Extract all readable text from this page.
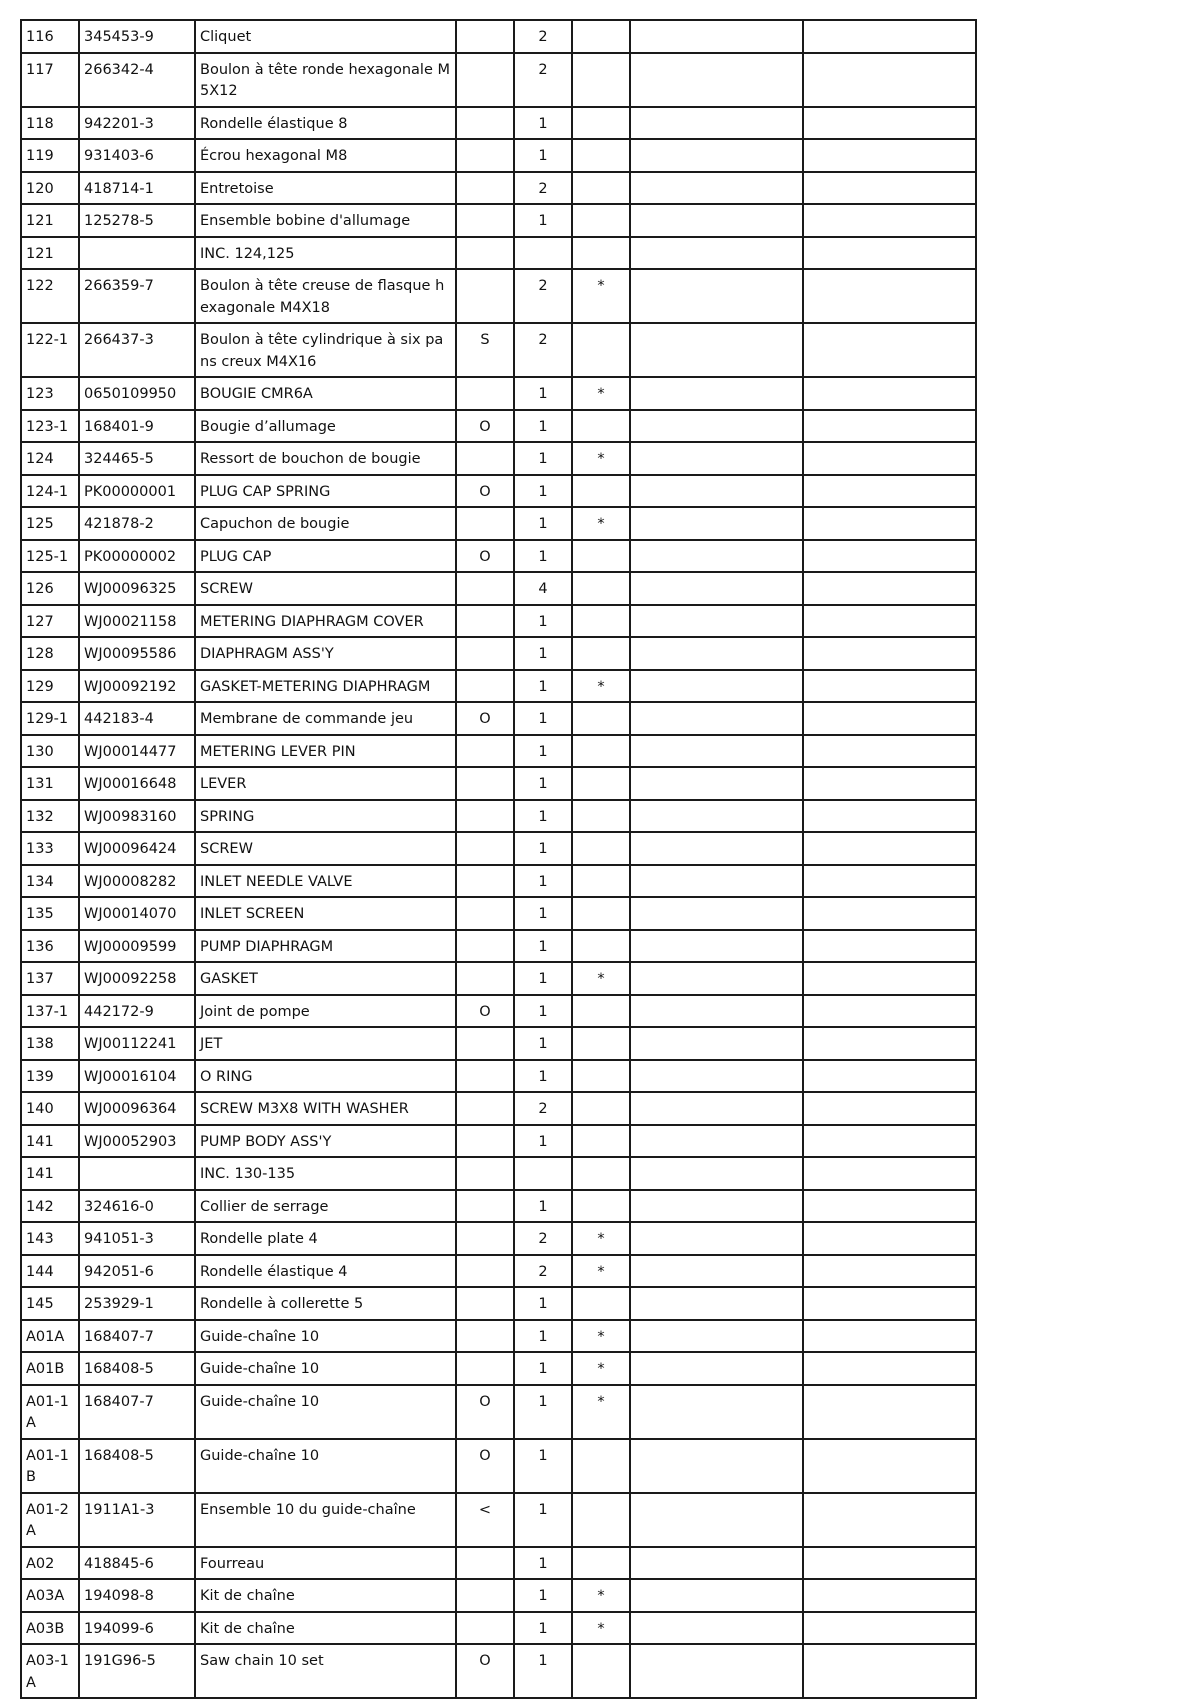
116	345453-9	Cliquet		2			
117	266342-4	Boulon à tête ronde hexagonale M5X12		2			
118	942201-3	Rondelle élastique 8		1			
119	931403-6	Écrou hexagonal M8		1			
120	418714-1	Entretoise		2			
121	125278-5	Ensemble bobine d'allumage		1			
121		INC. 124,125					
122	266359-7	Boulon à tête creuse de flasque hexagonale M4X18		2	*		
122-1	266437-3	Boulon à tête cylindrique à six pans creux M4X16	S	2			
123	0650109950	BOUGIE CMR6A		1	*		
123-1	168401-9	Bougie d’allumage	O	1			
124	324465-5	Ressort de bouchon de bougie		1	*		
124-1	PK00000001	PLUG CAP SPRING	O	1			
125	421878-2	Capuchon de bougie		1	*		
125-1	PK00000002	PLUG CAP	O	1			
126	WJ00096325	SCREW		4			
127	WJ00021158	METERING DIAPHRAGM COVER		1			
128	WJ00095586	DIAPHRAGM ASS'Y		1			
129	WJ00092192	GASKET-METERING DIAPHRAGM		1	*		
129-1	442183-4	Membrane de commande jeu	O	1			
130	WJ00014477	METERING LEVER PIN		1			
131	WJ00016648	LEVER		1			
132	WJ00983160	SPRING		1			
133	WJ00096424	SCREW		1			
134	WJ00008282	INLET NEEDLE VALVE		1			
135	WJ00014070	INLET SCREEN		1			
136	WJ00009599	PUMP DIAPHRAGM		1			
137	WJ00092258	GASKET		1	*		
137-1	442172-9	Joint de pompe	O	1			
138	WJ00112241	JET		1			
139	WJ00016104	O RING		1			
140	WJ00096364	SCREW M3X8 WITH WASHER		2			
141	WJ00052903	PUMP BODY ASS'Y		1			
141		INC. 130-135					
142	324616-0	Collier de serrage		1			
143	941051-3	Rondelle plate 4		2	*		
144	942051-6	Rondelle élastique 4		2	*		
145	253929-1	Rondelle à collerette 5		1			
A01A	168407-7	Guide-chaîne 10		1	*		
A01B	168408-5	Guide-chaîne 10		1	*		
A01-1A	168407-7	Guide-chaîne 10	O	1	*		
A01-1B	168408-5	Guide-chaîne 10	O	1			
A01-2A	1911A1-3	Ensemble 10 du guide-chaîne	<	1			
A02	418845-6	Fourreau		1			
A03A	194098-8	Kit de chaîne		1	*		
A03B	194099-6	Kit de chaîne		1	*		
A03-1A	191G96-5	Saw chain 10 set	O	1			
